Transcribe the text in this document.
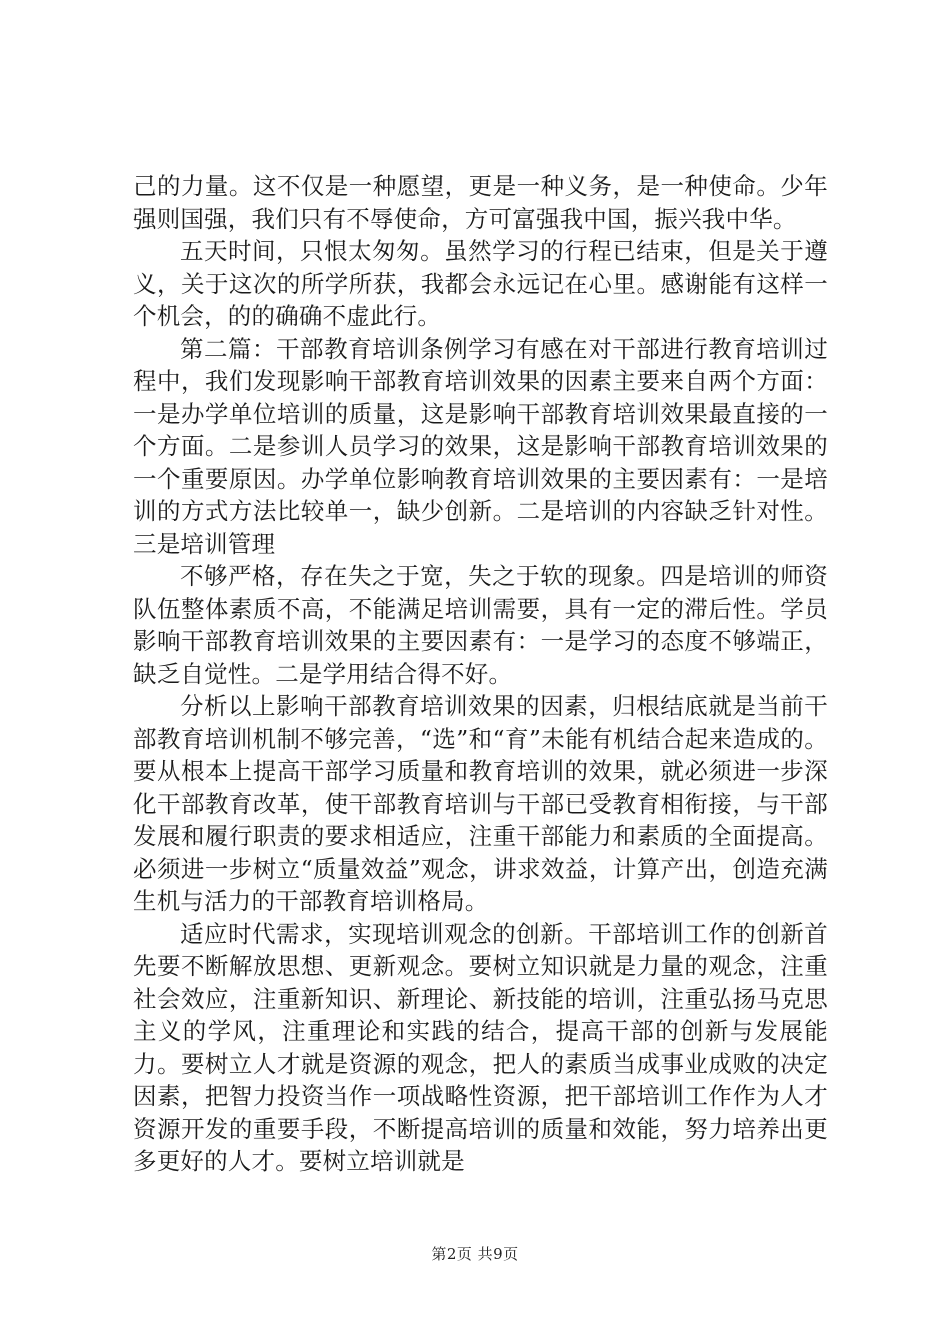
己的力量。这不仅是一种愿望，更是一种义务，是一种使命。少年强则国强，我们只有不辱使命，方可富强我中国，振兴我中华。

五天时间，只恨太匆匆。虽然学习的行程已结束，但是关于遵义，关于这次的所学所获，我都会永远记在心里。感谢能有这样一个机会，的的确确不虚此行。

第二篇：干部教育培训条例学习有感在对干部进行教育培训过程中，我们发现影响干部教育培训效果的因素主要来自两个方面：一是办学单位培训的质量，这是影响干部教育培训效果最直接的一个方面。二是参训人员学习的效果，这是影响干部教育培训效果的一个重要原因。办学单位影响教育培训效果的主要因素有：一是培训的方式方法比较单一，缺少创新。二是培训的内容缺乏针对性。三是培训管理

不够严格，存在失之于宽，失之于软的现象。四是培训的师资队伍整体素质不高，不能满足培训需要，具有一定的滞后性。学员影响干部教育培训效果的主要因素有：一是学习的态度不够端正，缺乏自觉性。二是学用结合得不好。

分析以上影响干部教育培训效果的因素，归根结底就是当前干部教育培训机制不够完善，“选”和“育”未能有机结合起来造成的。要从根本上提高干部学习质量和教育培训的效果，就必须进一步深化干部教育改革，使干部教育培训与干部已受教育相衔接，与干部发展和履行职责的要求相适应，注重干部能力和素质的全面提高。必须进一步树立“质量效益”观念，讲求效益，计算产出，创造充满生机与活力的干部教育培训格局。

适应时代需求，实现培训观念的创新。干部培训工作的创新首先要不断解放思想、更新观念。要树立知识就是力量的观念，注重社会效应，注重新知识、新理论、新技能的培训，注重弘扬马克思主义的学风，注重理论和实践的结合，提高干部的创新与发展能力。要树立人才就是资源的观念，把人的素质当成事业成败的决定因素，把智力投资当作一项战略性资源，把干部培训工作作为人才资源开发的重要手段，不断提高培训的质量和效能，努力培养出更多更好的人才。要树立培训就是

第2页 共9页
